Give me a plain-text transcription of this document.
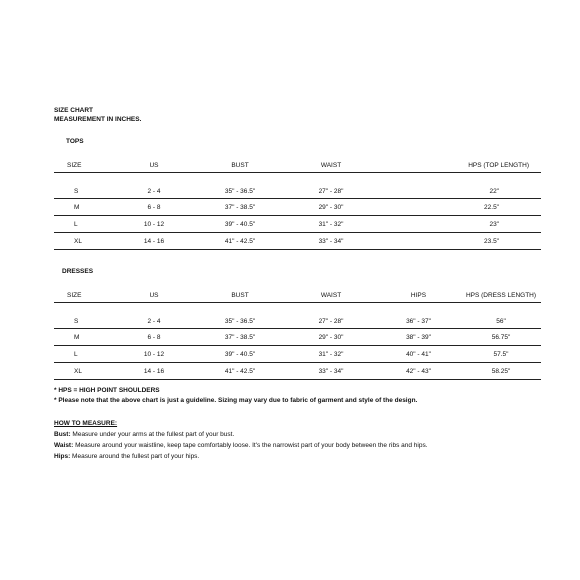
SIZE CHART
MEASUREMENT IN INCHES.
TOPS
SIZE	US	BUST	WAIST	HPS (TOP LENGTH)
S	2 - 4	35" - 36.5"	27" - 28"	22"
M	6 - 8	37" - 38.5"	29" - 30"	22.5"
L	10 - 12	39" - 40.5"	31" - 32"	23"
XL	14 - 16	41" - 42.5"	33" - 34"	23.5"
DRESSES
SIZE	US	BUST	WAIST	HIPS	HPS (DRESS LENGTH)
S	2 - 4	35" - 36.5"	27" - 28"	36" - 37"	56"
M	6 - 8	37" - 38.5"	29" - 30"	38" - 39"	56.75"
L	10 - 12	39" - 40.5"	31" - 32"	40" - 41"	57.5"
XL	14 - 16	41" - 42.5"	33" - 34"	42" - 43"	58.25"
* HPS = HIGH POINT SHOULDERS
* Please note that the above chart is just a guideline. Sizing may vary due to fabric of garment and style of the design.
HOW TO MEASURE:
Bust: Measure under your arms at the fullest part of your bust.
Waist: Measure around your waistline, keep tape comfortably loose. It's the narrowist part of your body between the ribs and hips.
Hips: Measure around the fullest part of your hips.
